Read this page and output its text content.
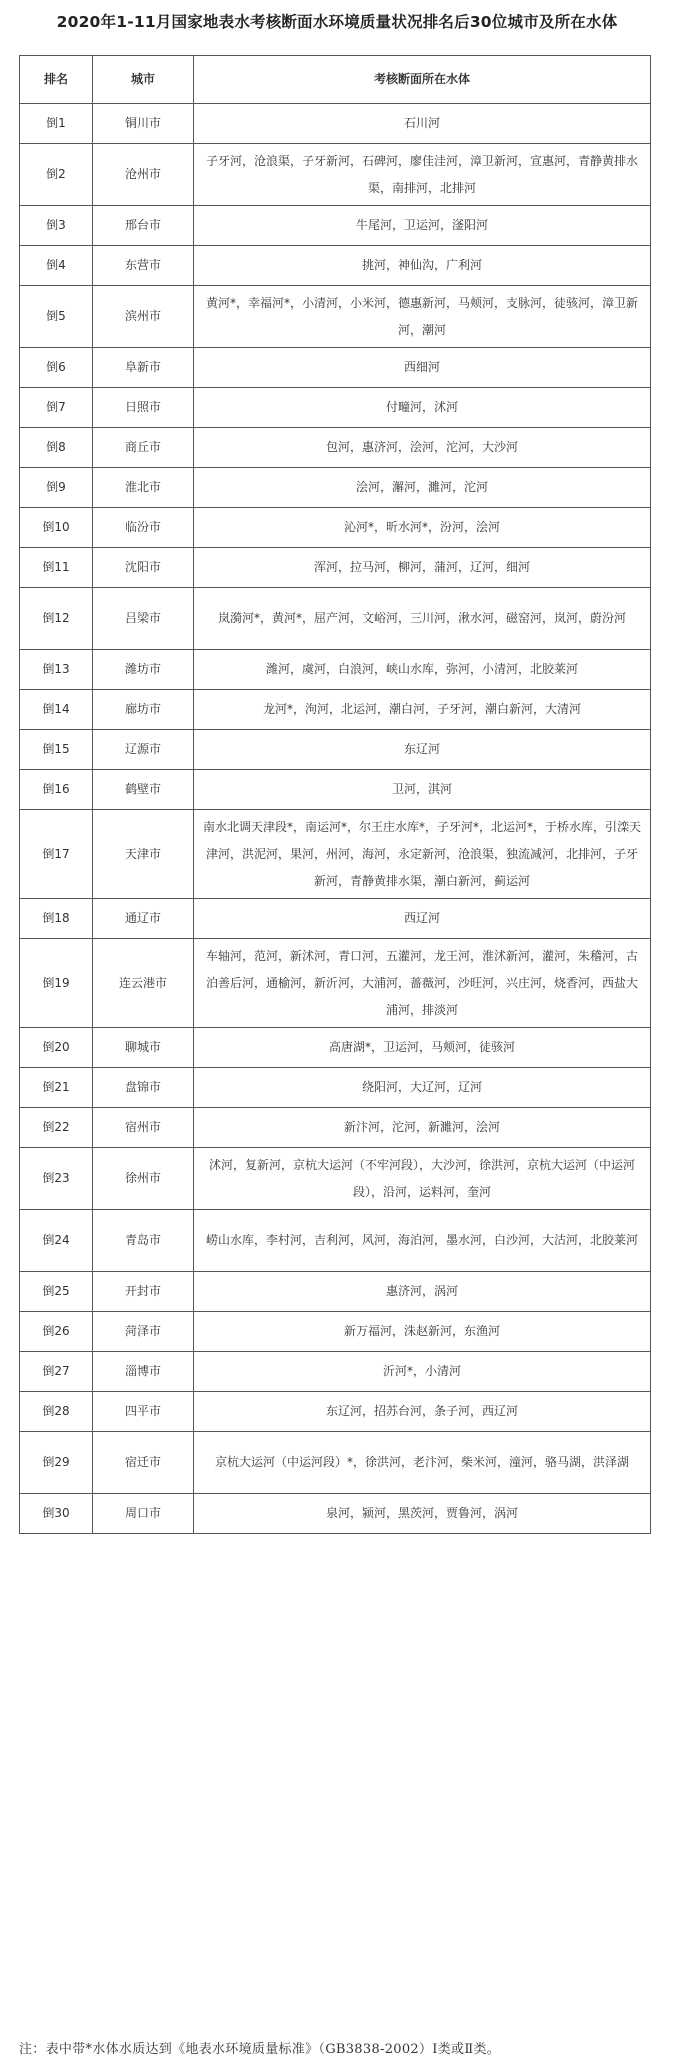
2020年1-11月国家地表水考核断面水环境质量状况排名后30位城市及所在水体
排名	城市	考核断面所在水体
倒1	铜川市	石川河
倒2	沧州市	子牙河，沧浪渠，子牙新河，石碑河，廖佳洼河，漳卫新河，宣惠河，青静黄排水渠，南排河，北排河
倒3	邢台市	牛尾河，卫运河，滏阳河
倒4	东营市	挑河，神仙沟，广利河
倒5	滨州市	黄河*，幸福河*，小清河，小米河，德惠新河，马颊河，支脉河，徒骇河，漳卫新河，潮河
倒6	阜新市	西细河
倒7	日照市	付疃河，沭河
倒8	商丘市	包河，惠济河，浍河，沱河，大沙河
倒9	淮北市	浍河，澥河，濉河，沱河
倒10	临汾市	沁河*，昕水河*，汾河，浍河
倒11	沈阳市	浑河，拉马河，柳河，蒲河，辽河，细河
倒12	吕梁市	岚漪河*，黄河*，屈产河，文峪河，三川河，湫水河，磁窑河，岚河，蔚汾河
倒13	潍坊市	潍河，虞河，白浪河，峡山水库，弥河，小清河，北胶莱河
倒14	廊坊市	龙河*，泃河，北运河，潮白河，子牙河，潮白新河，大清河
倒15	辽源市	东辽河
倒16	鹤壁市	卫河，淇河
倒17	天津市	南水北调天津段*，南运河*，尔王庄水库*，子牙河*，北运河*，于桥水库，引滦天津河，洪泥河，果河，州河，海河，永定新河，沧浪渠，独流减河，北排河，子牙新河，青静黄排水渠，潮白新河，蓟运河
倒18	通辽市	西辽河
倒19	连云港市	车轴河，范河，新沭河，青口河，五灌河，龙王河，淮沭新河，灌河，朱稽河，古泊善后河，通榆河，新沂河，大浦河，蔷薇河，沙旺河，兴庄河，烧香河，西盐大浦河，排淡河
倒20	聊城市	高唐湖*，卫运河，马颊河，徒骇河
倒21	盘锦市	绕阳河，大辽河，辽河
倒22	宿州市	新汴河，沱河，新濉河，浍河
倒23	徐州市	沭河，复新河，京杭大运河（不牢河段），大沙河，徐洪河，京杭大运河（中运河段），沿河，运料河，奎河
倒24	青岛市	崂山水库，李村河，吉利河，风河，海泊河，墨水河，白沙河，大沽河，北胶莱河
倒25	开封市	惠济河，涡河
倒26	菏泽市	新万福河，洙赵新河，东渔河
倒27	淄博市	沂河*，小清河
倒28	四平市	东辽河，招苏台河，条子河，西辽河
倒29	宿迁市	京杭大运河（中运河段）*，徐洪河，老汴河，柴米河，潼河，骆马湖，洪泽湖
倒30	周口市	泉河，颍河，黑茨河，贾鲁河，涡河
注：表中带*水体水质达到《地表水环境质量标准》（GB3838-2002）Ⅰ类或Ⅱ类。
